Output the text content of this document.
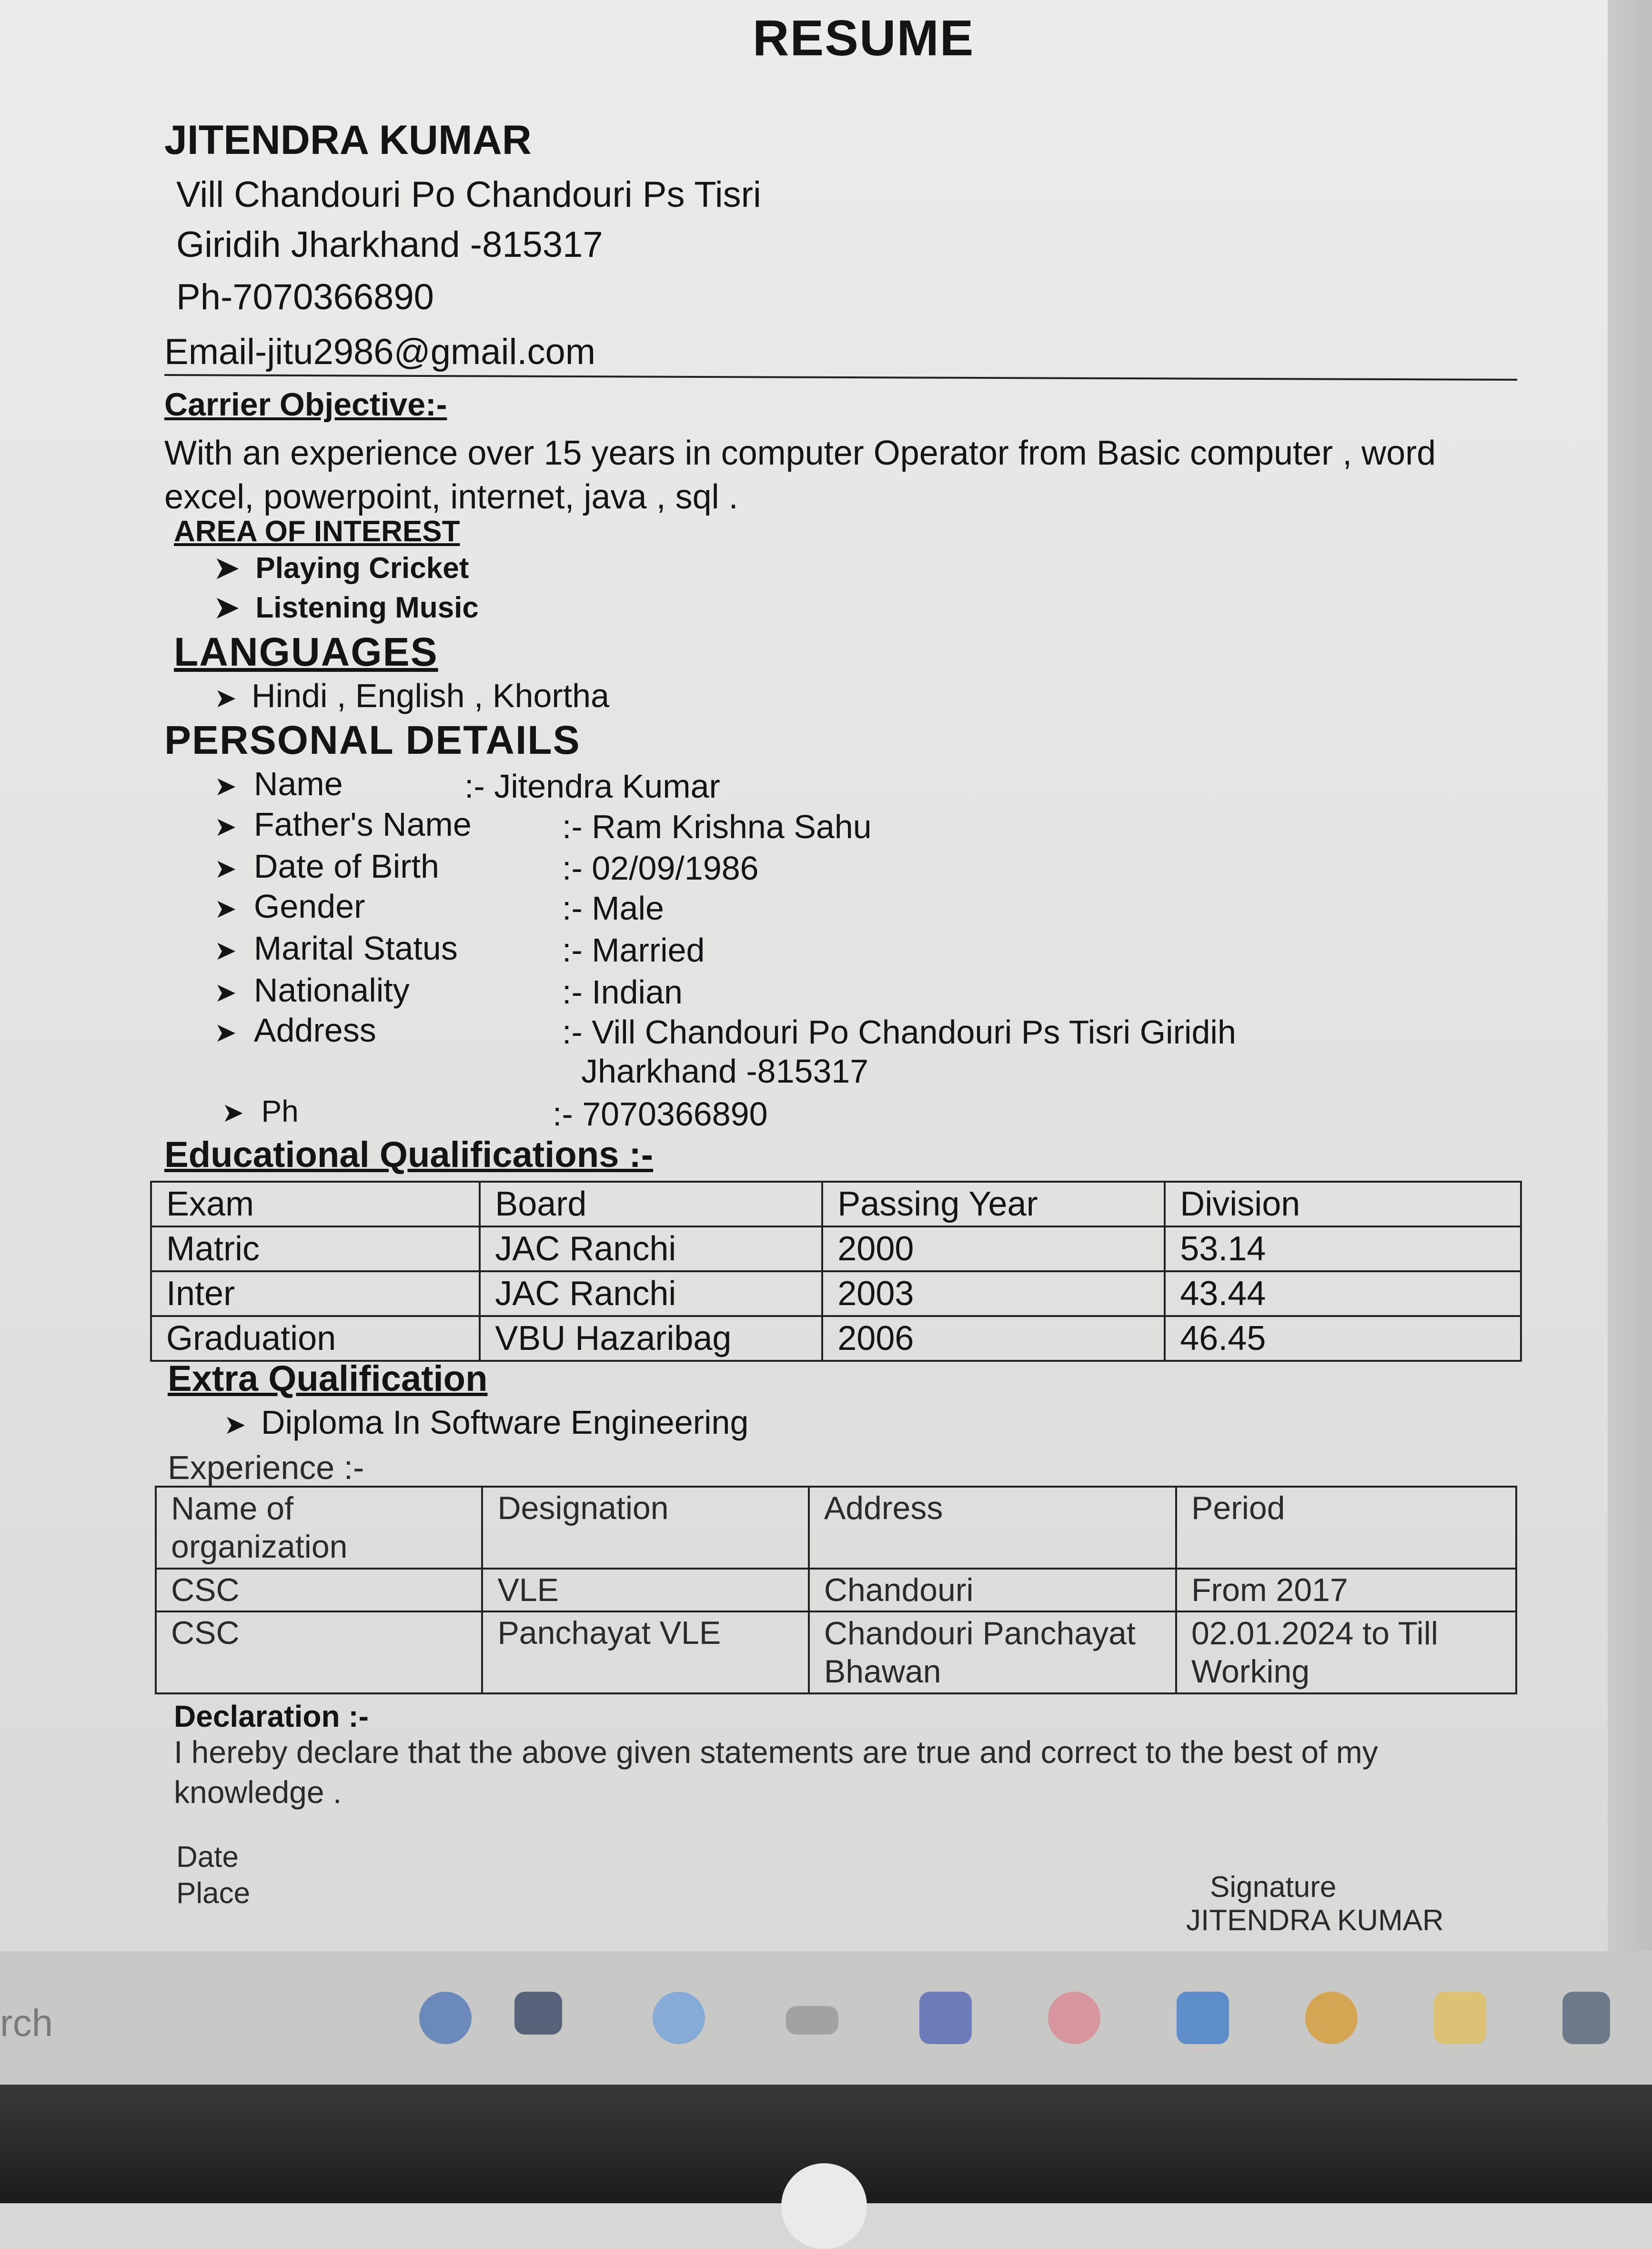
RESUME
JITENDRA KUMAR
Vill Chandouri Po Chandouri Ps Tisri
Giridih Jharkhand -815317
Ph-7070366890
Email-jitu2986@gmail.com
Carrier Objective:-
With an experience over 15 years in computer Operator from Basic computer , word excel, powerpoint, internet, java , sql .
AREA OF INTEREST
➤  Playing Cricket
➤  Listening Music
LANGUAGES
➤  Hindi , English , Khortha
PERSONAL DETAILS
➤ Name	:- Jitendra Kumar
➤ Father's Name	:- Ram Krishna Sahu
➤ Date of Birth	:- 02/09/1986
➤ Gender	:- Male
➤ Marital Status	:- Married
➤ Nationality	:- Indian
➤ Address	:- Vill Chandouri Po Chandouri Ps Tisri Giridih
Jharkhand -815317
➤ Ph	:- 7070366890
Educational Qualifications :-
Exam	Board	Passing Year	Division
Matric	JAC Ranchi	2000	53.14
Inter	JAC Ranchi	2003	43.44
Graduation	VBU Hazaribag	2006	46.45
Extra Qualification
➤  Diploma In Software Engineering
Experience :-
Name of organization	Designation	Address	Period
CSC	VLE	Chandouri	From 2017
CSC	Panchayat VLE	Chandouri Panchayat Bhawan	02.01.2024 to Till Working
Declaration :-
I hereby declare that the above given statements are true and correct to the best of my knowledge .
Date
Place	Signature
JITENDRA KUMAR
rch
